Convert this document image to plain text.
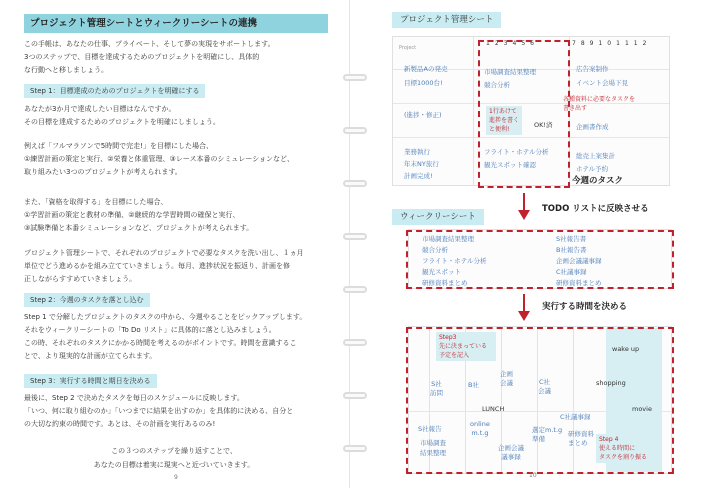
プロジェクト管理シートとウィークリーシートの連携
この手帳は、あなたの仕事、プライベート、そして夢の実現をサポートします。
3つのステップで、目標を達成するためのプロジェクトを明確にし、具体的
な行動へと移しましょう。
Step 1：目標達成のためのプロジェクトを明確にする
あなたが3か月で達成したい目標はなんですか。
その目標を達成するためのプロジェクトを明確にしましょう。
例えば「フルマラソンで5時間で完走!」を目標にした場合、
①練習計画の策定と実行、②栄養と体重管理、③レース本番のシミュレーションなど、
取り組みたい3つのプロジェクトが考えられます。
また、「資格を取得する」を目標にした場合、
①学習計画の策定と教材の準備、②継続的な学習時間の確保と実行、
③試験準備と本番シミュレーションなど、プロジェクトが考えられます。
プロジェクト管理シートで、それぞれのプロジェクトで必要なタスクを洗い出し、１ヵ月
単位でどう進めるかを組み立てていきましょう。毎月、進捗状況を振返り、計画を修
正しながらすすめていきましょう。
Step 2：今週のタスクを落とし込む
Step 1 で分解したプロジェクトのタスクの中から、今週やることをピックアップします。
それをウィークリーシートの「To Do リスト」に具体的に落とし込みましょう。
この時、それぞれのタスクにかかる時間を考えるのがポイントです。時間を意識するこ
とで、より現実的な計画が立てられます。
Step 3：実行する時間と期日を決める
最後に、Step 2 で決めたタスクを毎日のスケジュールに反映します。
「いつ、何に取り組むのか」「いつまでに結果を出すのか」を具体的に決める、自分と
の大切な約束の時間です。あとは、その計画を実行あるのみ!
この３つのステップを繰り返すことで、
あなたの目標は着実に現実へと近づいていきます。
9
プロジェクト管理シート
Project
123456	789101112
新製品Aの発売
目標1000台!
(進捗・修正)
業務執行
年末NY旅行
計画完成!
市場調査結果整理
競合分析
フライト・ホテル分析
観光スポット確認
広告案制作
イベント会場下見
企画書作成
総売上案集計
ホテル予約
1行あけて
進捗を書く
と便利!
各種資料に必要なタスクを
書き出す
OK!済
今週のタスク
TODO リストに反映させる
ウィークリーシート
市場調査結果整理
競合分析
フライト・ホテル分析
観光スポット
研修資料まとめ
S社報告書
B社報告書
企画会議議事録
C社議事録
研修資料まとめ
実行する時間を決める
Step3
先に決まっている
予定を記入
S社
訪問
B社
企画
会議	C社
会議
LUNCH
S社報告
企画会議
議事録
online
m.t.g
市場調査
結果整理
選定m.t.g
準備
研修資料
まとめ
C社議事録
wake up
shopping
movie
Step 4
使える時間に
タスクを割り振る
10
